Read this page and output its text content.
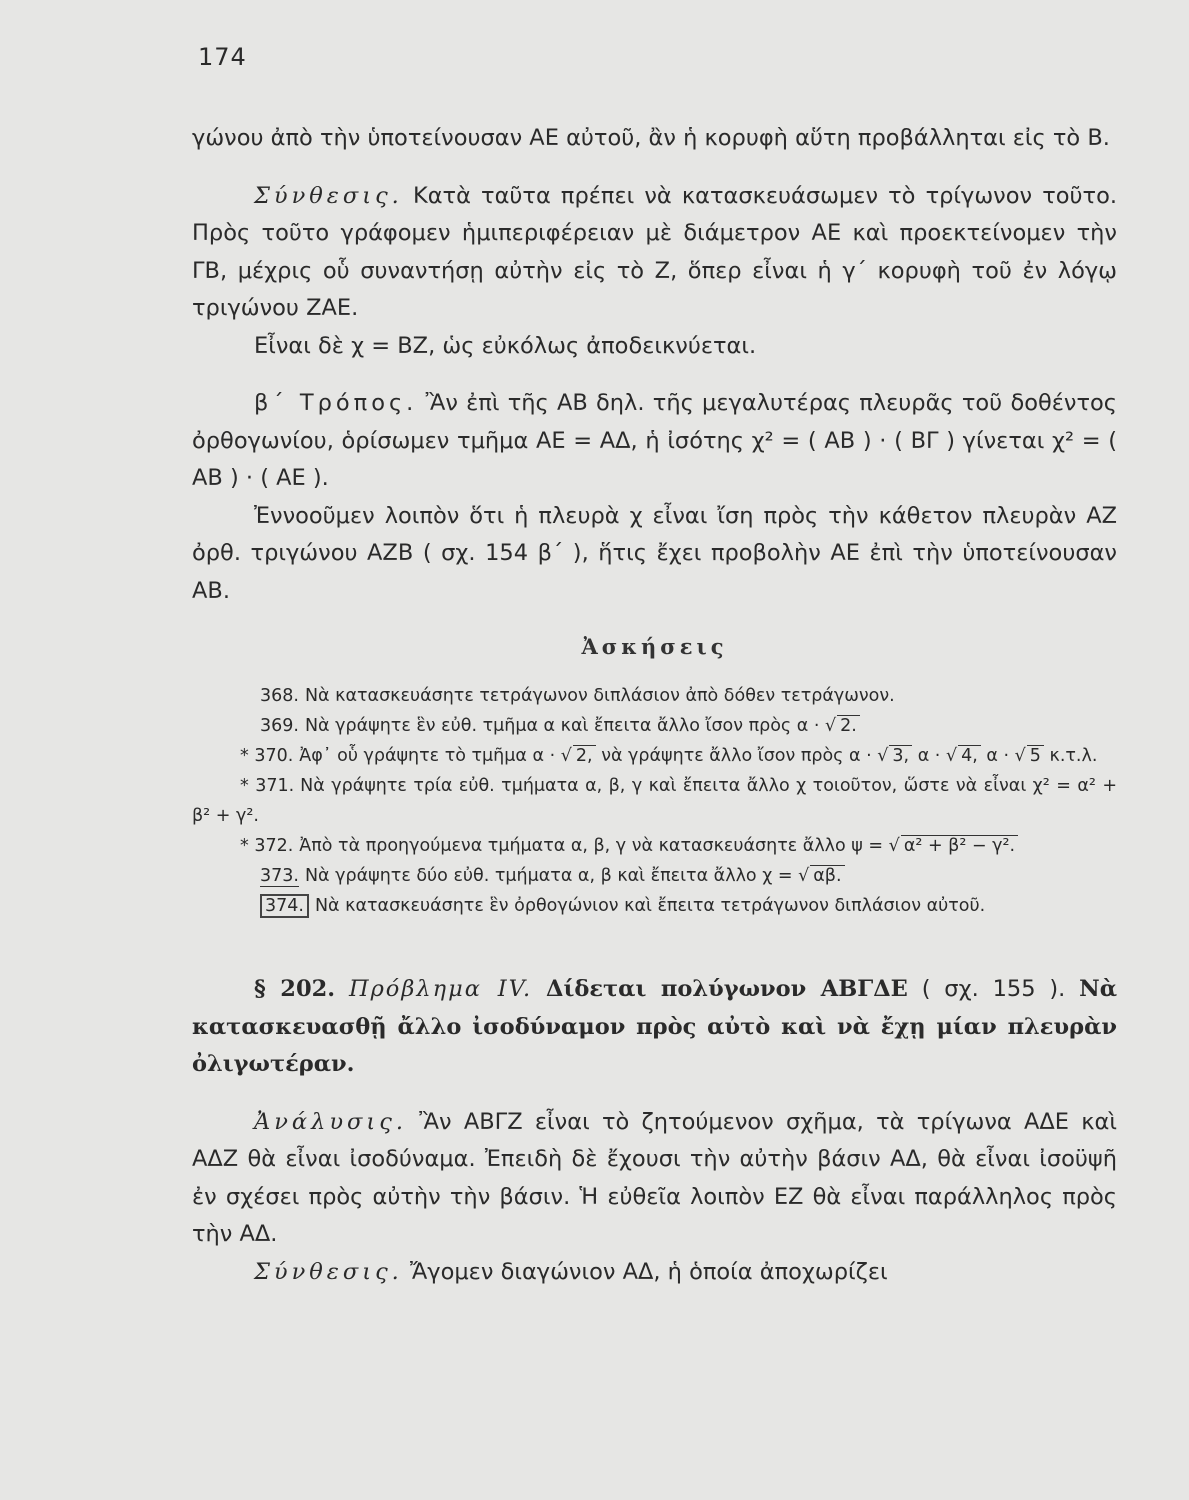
174

γώνου ἀπὸ τὴν ὑποτείνουσαν ΑΕ αὐτοῦ, ἂν ἡ κορυφὴ αὕτη προβάλληται εἰς τὸ Β.

Σύνθεσις. Κατὰ ταῦτα πρέπει νὰ κατασκευάσωμεν τὸ τρίγωνον τοῦτο. Πρὸς τοῦτο γράφομεν ἡμιπεριφέρειαν μὲ διάμετρον ΑΕ καὶ προεκτείνομεν τὴν ΓΒ, μέχρις οὗ συναντήσῃ αὐτὴν εἰς τὸ Ζ, ὅπερ εἶναι ἡ γ΄ κορυφὴ τοῦ ἐν λόγῳ τριγώνου ΖΑΕ.

Εἶναι δὲ χ = ΒΖ, ὡς εὐκόλως ἀποδεικνύεται.

β΄ Τρόπος. Ἂν ἐπὶ τῆς ΑΒ δηλ. τῆς μεγαλυτέρας πλευρᾶς τοῦ δοθέντος ὀρθογωνίου, ὁρίσωμεν τμῆμα ΑΕ = ΑΔ, ἡ ἰσότης χ² = ( ΑΒ ) · ( ΒΓ ) γίνεται χ² = ( ΑΒ ) · ( ΑΕ ).

Ἐννοοῦμεν λοιπὸν ὅτι ἡ πλευρὰ χ εἶναι ἴση πρὸς τὴν κάθετον πλευρὰν ΑΖ ὀρθ. τριγώνου ΑΖΒ ( σχ. 154 β΄ ), ἥτις ἔχει προβολὴν ΑΕ ἐπὶ τὴν ὑποτείνουσαν ΑΒ.

Ἀσκήσεις

368. Νὰ κατασκευάσητε τετράγωνον διπλάσιον ἀπὸ δόθεν τετράγωνον.

369. Νὰ γράψητε ἓν εὐθ. τμῆμα α καὶ ἔπειτα ἄλλο ἴσον πρὸς α · √ 2.

* 370. Ἀφ᾽ οὗ γράψητε τὸ τμῆμα α · √ 2, νὰ γράψητε ἄλλο ἴσον πρὸς α · √ 3, α · √ 4, α · √ 5 κ.τ.λ.

* 371. Νὰ γράψητε τρία εὐθ. τμήματα α, β, γ καὶ ἔπειτα ἄλλο χ τοιοῦτον, ὥστε νὰ εἶναι χ² = α² + β² + γ².

* 372. Ἀπὸ τὰ προηγούμενα τμήματα α, β, γ νὰ κατασκευάσητε ἄλλο ψ = √ α² + β² − γ².

373. Νὰ γράψητε δύο εὐθ. τμήματα α, β καὶ ἔπειτα ἄλλο χ = √ αβ.

374. Νὰ κατασκευάσητε ἓν ὀρθογώνιον καὶ ἔπειτα τετράγωνον διπλάσιον αὐτοῦ.

§ 202. Πρόβλημα IV. Δίδεται πολύγωνον ΑΒΓΔΕ ( σχ. 155 ). Νὰ κατασκευασθῇ ἄλλο ἰσοδύναμον πρὸς αὐτὸ καὶ νὰ ἔχῃ μίαν πλευρὰν ὀλιγωτέραν.

Ἀνάλυσις. Ἂν ΑΒΓΖ εἶναι τὸ ζητούμενον σχῆμα, τὰ τρίγωνα ΑΔΕ καὶ ΑΔΖ θὰ εἶναι ἰσοδύναμα. Ἐπειδὴ δὲ ἔχουσι τὴν αὐτὴν βάσιν ΑΔ, θὰ εἶναι ἰσοϋψῆ ἐν σχέσει πρὸς αὐτὴν τὴν βάσιν. Ἡ εὐθεῖα λοιπὸν ΕΖ θὰ εἶναι παράλληλος πρὸς τὴν ΑΔ.

Σύνθεσις. Ἄγομεν διαγώνιον ΑΔ, ἡ ὁποία ἀποχωρίζει
